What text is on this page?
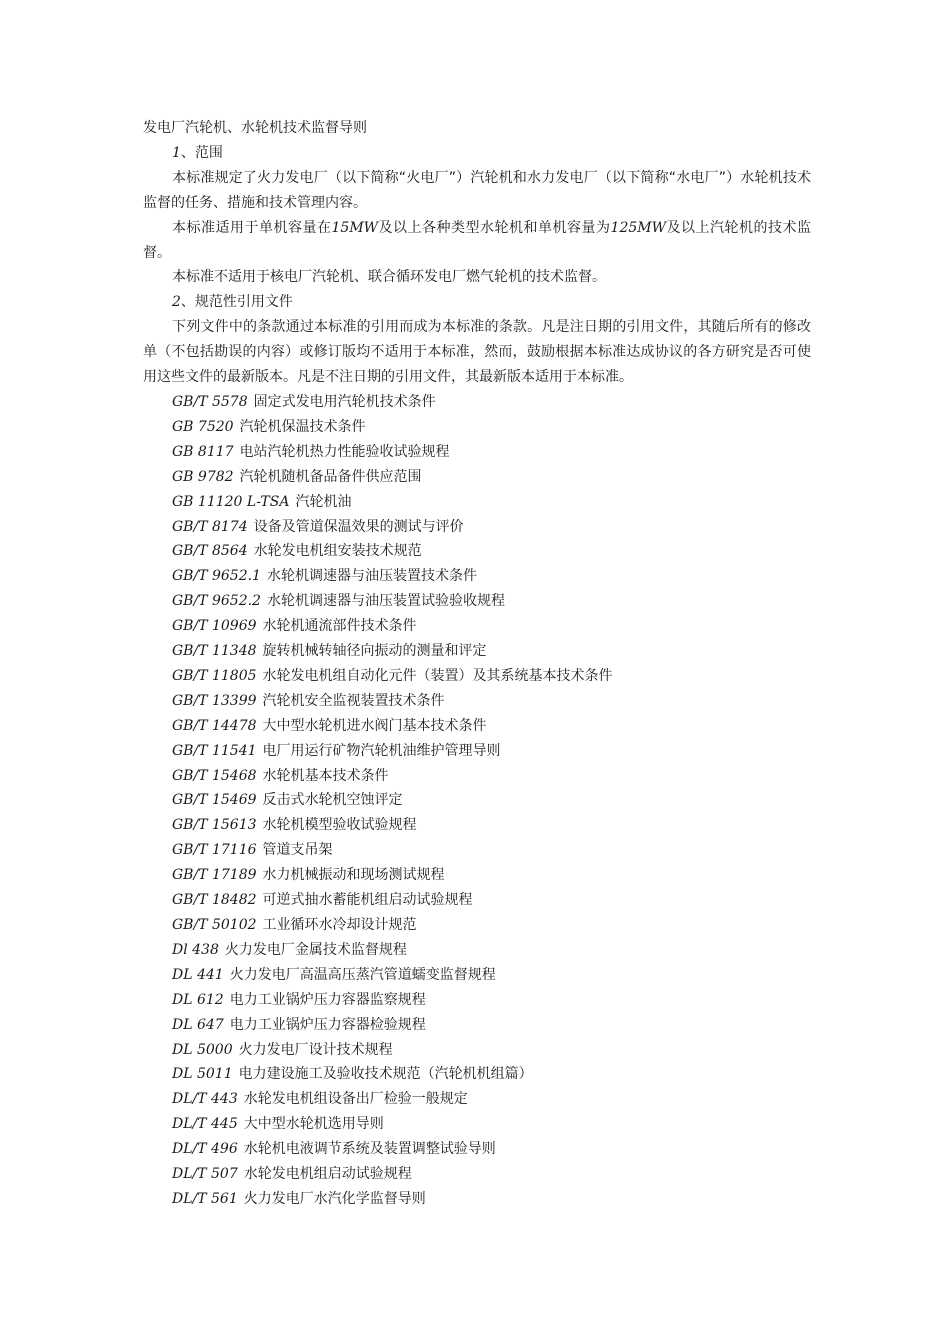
发电厂汽轮机、水轮机技术监督导则
1、范围
本标准规定了火力发电厂（以下简称“火电厂”）汽轮机和水力发电厂（以下简称“水电厂”）水轮机技术监督的任务、措施和技术管理内容。
本标准适用于单机容量在15MW及以上各种类型水轮机和单机容量为125MW及以上汽轮机的技术监督。
本标准不适用于核电厂汽轮机、联合循环发电厂燃气轮机的技术监督。
2、规范性引用文件
下列文件中的条款通过本标准的引用而成为本标准的条款。凡是注日期的引用文件，其随后所有的修改单（不包括勘误的内容）或修订版均不适用于本标准，然而，鼓励根据本标准达成协议的各方研究是否可使用这些文件的最新版本。凡是不注日期的引用文件，其最新版本适用于本标准。
GB/T 5578 固定式发电用汽轮机技术条件
GB 7520 汽轮机保温技术条件
GB 8117 电站汽轮机热力性能验收试验规程
GB 9782 汽轮机随机备品备件供应范围
GB 11120 L-TSA 汽轮机油
GB/T 8174 设备及管道保温效果的测试与评价
GB/T 8564 水轮发电机组安装技术规范
GB/T 9652.1 水轮机调速器与油压装置技术条件
GB/T 9652.2 水轮机调速器与油压装置试验验收规程
GB/T 10969 水轮机通流部件技术条件
GB/T 11348 旋转机械转轴径向振动的测量和评定
GB/T 11805 水轮发电机组自动化元件（装置）及其系统基本技术条件
GB/T 13399 汽轮机安全监视装置技术条件
GB/T 14478 大中型水轮机进水阀门基本技术条件
GB/T 11541 电厂用运行矿物汽轮机油维护管理导则
GB/T 15468 水轮机基本技术条件
GB/T 15469 反击式水轮机空蚀评定
GB/T 15613 水轮机模型验收试验规程
GB/T 17116 管道支吊架
GB/T 17189 水力机械振动和现场测试规程
GB/T 18482 可逆式抽水蓄能机组启动试验规程
GB/T 50102 工业循环水冷却设计规范
Dl 438 火力发电厂金属技术监督规程
DL 441 火力发电厂高温高压蒸汽管道蠕变监督规程
DL 612 电力工业锅炉压力容器监察规程
DL 647 电力工业锅炉压力容器检验规程
DL 5000 火力发电厂设计技术规程
DL 5011 电力建设施工及验收技术规范（汽轮机机组篇）
DL/T 443 水轮发电机组设备出厂检验一般规定
DL/T 445 大中型水轮机选用导则
DL/T 496 水轮机电液调节系统及装置调整试验导则
DL/T 507 水轮发电机组启动试验规程
DL/T 561 火力发电厂水汽化学监督导则
